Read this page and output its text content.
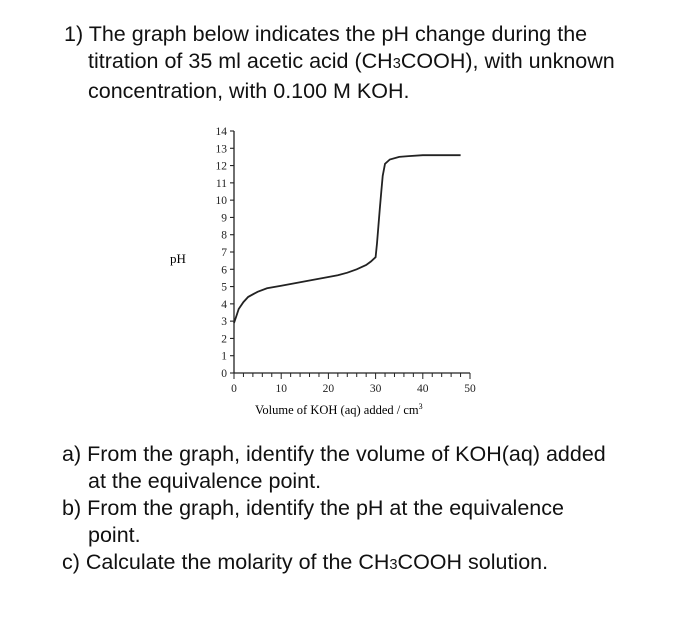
1) The graph below indicates the pH change during the
titration of 35 ml acetic acid (CH3COOH), with unknown
concentration, with 0.100 M KOH.
0
1
2
3
4
5
6
7
8
9
10
11
12
13
14
0	10	20	30	40	50
pH
Volume of KOH (aq) added / $cm^3$
a) From the graph, identify the volume of KOH(aq) added
at the equivalence point.
b) From the graph, identify the pH at the equivalence
point.
c) Calculate the molarity of the CH3COOH solution.
